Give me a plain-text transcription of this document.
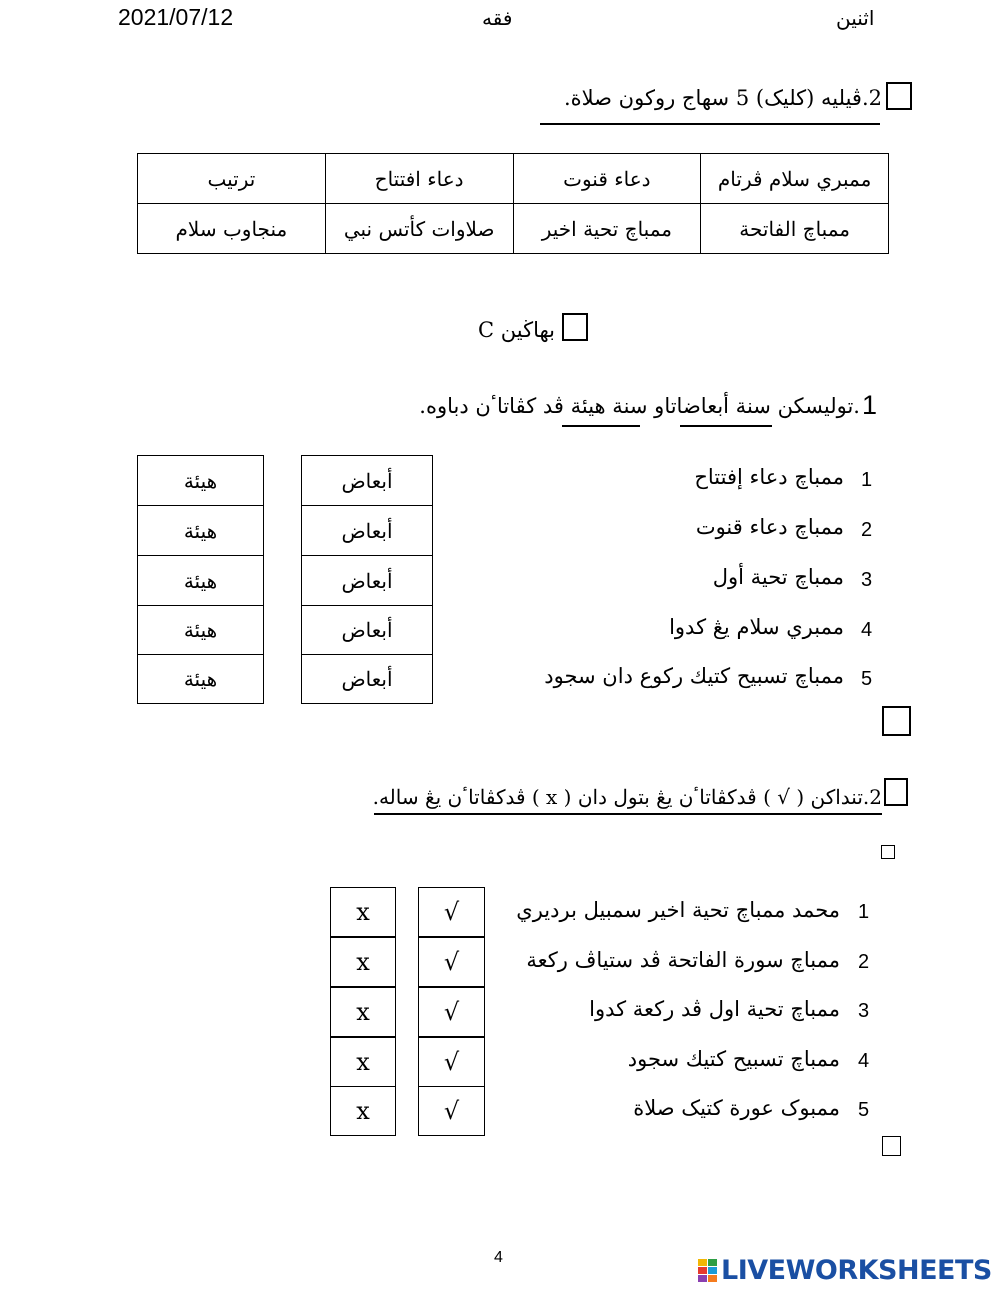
2021/07/12	فقه	اثنين
2.ڤيليه (كليک) 5 سهاج روكون صلاة.
ترتيب	دعاء افتتاح	دعاء قنوت	ممبري سلام ڤرتام
منجاوب سلام	صلاوات كأتس نبي	ممباچ تحية اخير	ممباچ الفاتحة
بهاڬين C
1
.توليسكن سنة أبعاضاتاو سنة هيئة ڤد كڤاتاٴن دباوه.
1
ممباچ دعاء إفتتاح
أبعاض
هيئة
2
ممباچ دعاء قنوت
أبعاض
هيئة
3
ممباچ تحية أول
أبعاض
هيئة
4
ممبري سلام يڠ كدوا
أبعاض
هيئة
5
ممباچ تسبيح كتيك ركوع دان سجود
أبعاض
هيئة
2.تنداكن ( √ ) ڤدكڤاتاٴن يڠ بتول دان ( x ) ڤدكڤاتاٴن يڠ ساله.
1
محمد ممباچ تحية اخير سمبيل برديري
√
x
2
ممباچ سورة الفاتحة ڤد ستياڤ ركعة
√
x
3
ممباچ تحية اول ڤد ركعة كدوا
√
x
4
ممباچ تسبيح كتيك سجود
√
x
5
ممبوک عورة كتيک صلاة
√
x
4	LIVEWORKSHEETS
